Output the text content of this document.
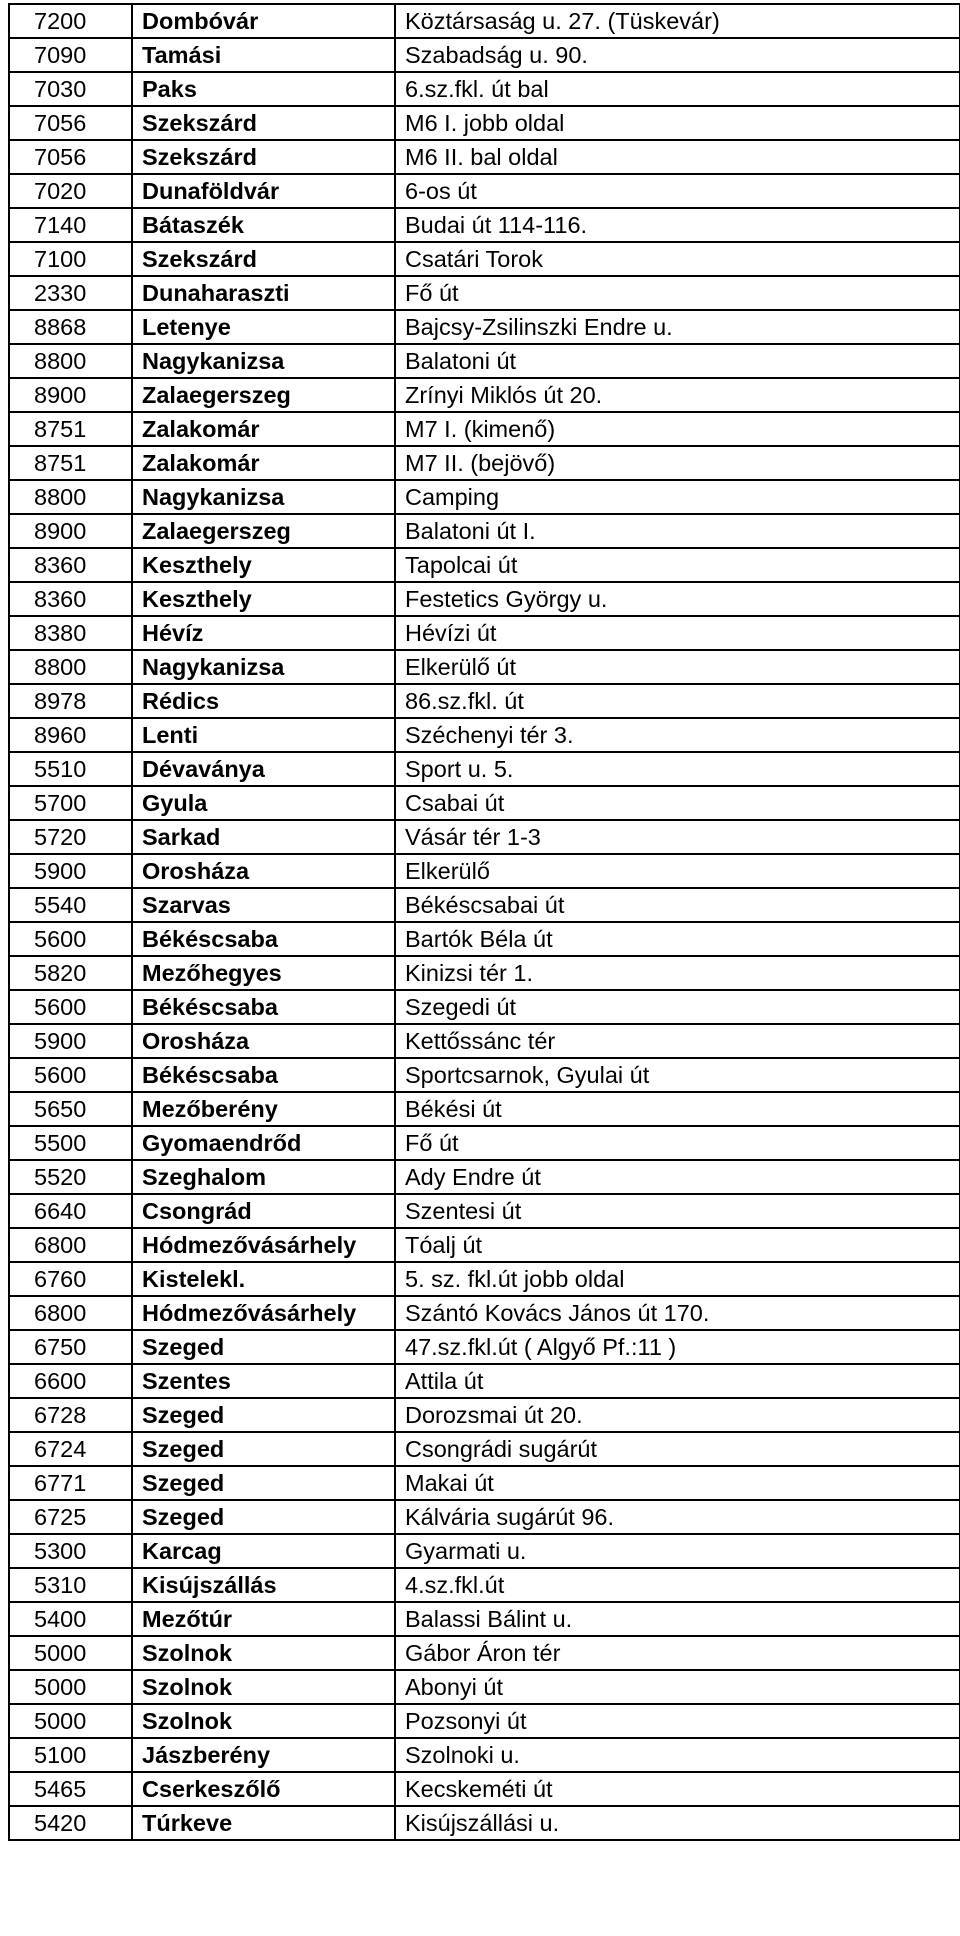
7200	Dombóvár	Köztársaság u. 27. (Tüskevár)
7090	Tamási	Szabadság u. 90.
7030	Paks	6.sz.fkl. út bal
7056	Szekszárd	M6 I. jobb oldal
7056	Szekszárd	M6 II. bal oldal
7020	Dunaföldvár	6-os út
7140	Bátaszék	Budai út 114-116.
7100	Szekszárd	Csatári Torok
2330	Dunaharaszti	Fő út
8868	Letenye	Bajcsy-Zsilinszki Endre u.
8800	Nagykanizsa	Balatoni út
8900	Zalaegerszeg	Zrínyi Miklós út 20.
8751	Zalakomár	M7 I. (kimenő)
8751	Zalakomár	M7 II. (bejövő)
8800	Nagykanizsa	Camping
8900	Zalaegerszeg	Balatoni út I.
8360	Keszthely	Tapolcai út
8360	Keszthely	Festetics György u.
8380	Hévíz	Hévízi út
8800	Nagykanizsa	Elkerülő út
8978	Rédics	86.sz.fkl. út
8960	Lenti	Széchenyi tér 3.
5510	Dévaványa	Sport u. 5.
5700	Gyula	Csabai út
5720	Sarkad	Vásár tér 1-3
5900	Orosháza	Elkerülő
5540	Szarvas	Békéscsabai út
5600	Békéscsaba	Bartók Béla út
5820	Mezőhegyes	Kinizsi tér 1.
5600	Békéscsaba	Szegedi út
5900	Orosháza	Kettőssánc tér
5600	Békéscsaba	Sportcsarnok, Gyulai út
5650	Mezőberény	Békési út
5500	Gyomaendrőd	Fő út
5520	Szeghalom	Ady Endre út
6640	Csongrád	Szentesi út
6800	Hódmezővásárhely	Tóalj út
6760	Kistelekl.	5. sz. fkl.út jobb oldal
6800	Hódmezővásárhely	Szántó Kovács János út 170.
6750	Szeged	47.sz.fkl.út ( Algyő Pf.:11 )
6600	Szentes	Attila út
6728	Szeged	Dorozsmai út 20.
6724	Szeged	Csongrádi sugárút
6771	Szeged	Makai út
6725	Szeged	Kálvária sugárút 96.
5300	Karcag	Gyarmati u.
5310	Kisújszállás	4.sz.fkl.út
5400	Mezőtúr	Balassi Bálint u.
5000	Szolnok	Gábor Áron tér
5000	Szolnok	Abonyi út
5000	Szolnok	Pozsonyi út
5100	Jászberény	Szolnoki u.
5465	Cserkeszőlő	Kecskeméti út
5420	Túrkeve	Kisújszállási u.
